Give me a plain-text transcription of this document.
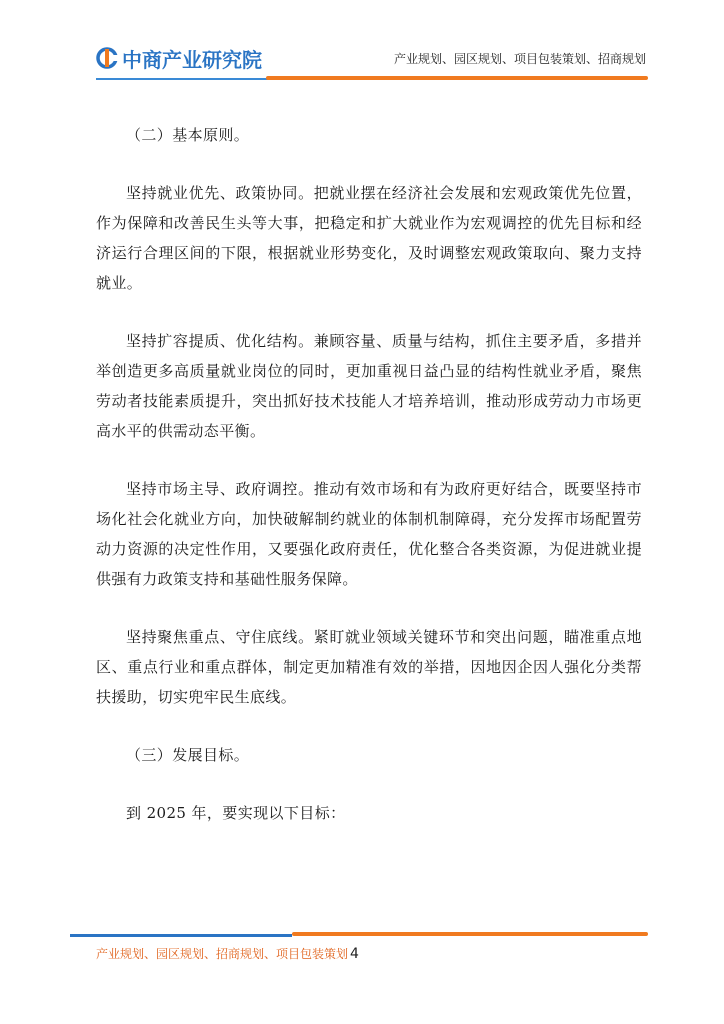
中商产业研究院	产业规划、园区规划、项目包装策划、招商规划

（二）基本原则。

坚持就业优先、政策协同。把就业摆在经济社会发展和宏观政策优先位置，作为保障和改善民生头等大事，把稳定和扩大就业作为宏观调控的优先目标和经济运行合理区间的下限，根据就业形势变化，及时调整宏观政策取向、聚力支持就业。

坚持扩容提质、优化结构。兼顾容量、质量与结构，抓住主要矛盾，多措并举创造更多高质量就业岗位的同时，更加重视日益凸显的结构性就业矛盾，聚焦劳动者技能素质提升，突出抓好技术技能人才培养培训，推动形成劳动力市场更高水平的供需动态平衡。

坚持市场主导、政府调控。推动有效市场和有为政府更好结合，既要坚持市场化社会化就业方向，加快破解制约就业的体制机制障碍，充分发挥市场配置劳动力资源的决定性作用，又要强化政府责任，优化整合各类资源，为促进就业提供强有力政策支持和基础性服务保障。

坚持聚焦重点、守住底线。紧盯就业领域关键环节和突出问题，瞄准重点地区、重点行业和重点群体，制定更加精准有效的举措，因地因企因人强化分类帮扶援助，切实兜牢民生底线。

（三）发展目标。

到 2025 年，要实现以下目标：

产业规划、园区规划、招商规划、项目包装策划 4
